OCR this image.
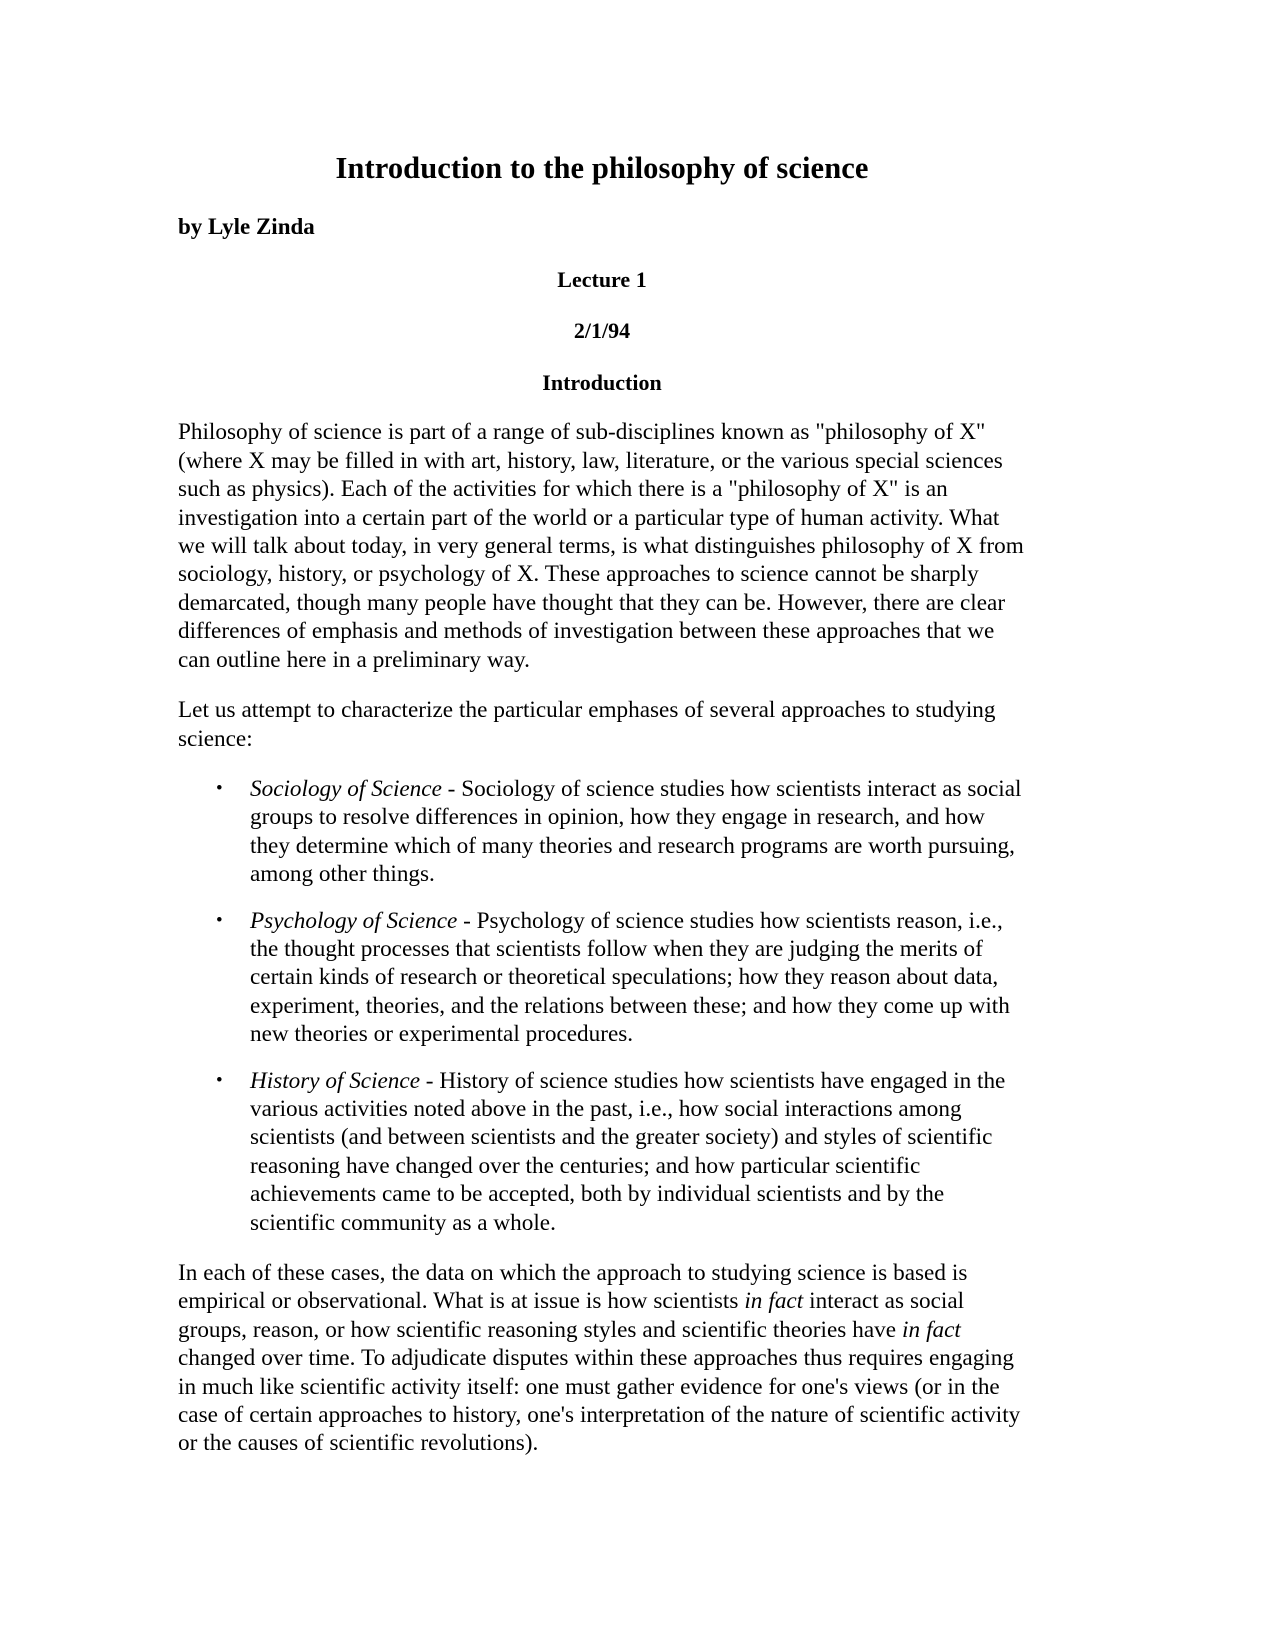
Introduction to the philosophy of science

by Lyle Zinda

Lecture 1

2/1/94

Introduction

Philosophy of science is part of a range of sub-disciplines known as "philosophy of X" (where X may be filled in with art, history, law, literature, or the various special sciences such as physics). Each of the activities for which there is a "philosophy of X" is an investigation into a certain part of the world or a particular type of human activity. What we will talk about today, in very general terms, is what distinguishes philosophy of X from sociology, history, or psychology of X. These approaches to science cannot be sharply demarcated, though many people have thought that they can be. However, there are clear differences of emphasis and methods of investigation between these approaches that we can outline here in a preliminary way.

Let us attempt to characterize the particular emphases of several approaches to studying science:

• Sociology of Science - Sociology of science studies how scientists interact as social groups to resolve differences in opinion, how they engage in research, and how they determine which of many theories and research programs are worth pursuing, among other things.
• Psychology of Science - Psychology of science studies how scientists reason, i.e., the thought processes that scientists follow when they are judging the merits of certain kinds of research or theoretical speculations; how they reason about data, experiment, theories, and the relations between these; and how they come up with new theories or experimental procedures.
• History of Science - History of science studies how scientists have engaged in the various activities noted above in the past, i.e., how social interactions among scientists (and between scientists and the greater society) and styles of scientific reasoning have changed over the centuries; and how particular scientific achievements came to be accepted, both by individual scientists and by the scientific community as a whole.

In each of these cases, the data on which the approach to studying science is based is empirical or observational. What is at issue is how scientists in fact interact as social groups, reason, or how scientific reasoning styles and scientific theories have in fact changed over time. To adjudicate disputes within these approaches thus requires engaging in much like scientific activity itself: one must gather evidence for one's views (or in the case of certain approaches to history, one's interpretation of the nature of scientific activity or the causes of scientific revolutions).
